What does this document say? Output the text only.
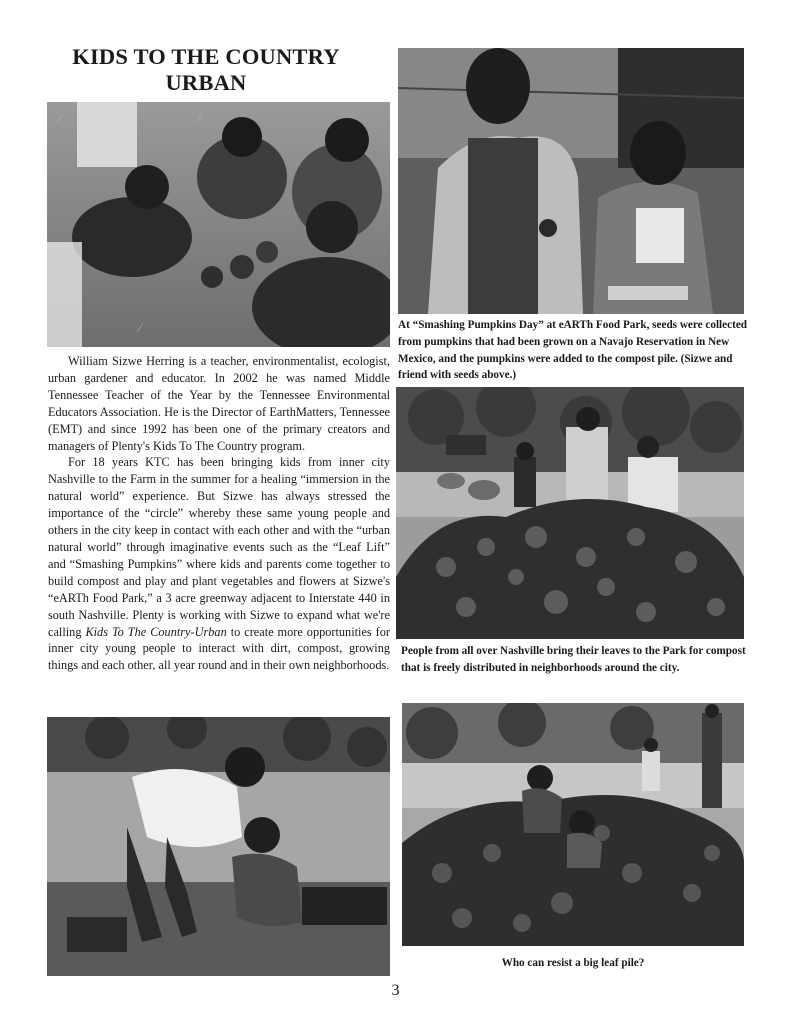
KIDS TO THE COUNTRY
URBAN
At “Smashing Pumpkins Day” at eARTh Food Park, seeds were collected from pumpkins that had been grown on a Navajo Reservation in New Mexico, and the pumpkins were added to the compost pile. (Sizwe and friend with seeds above.)
People from all over Nashville bring their leaves to the Park for compost that is freely distributed in neighborhoods around the city.

William Sizwe Herring is a teacher, environmentalist, ecologist, urban gardener and educator. In 2002 he was named Middle Tennessee Teacher of the Year by the Tennessee Environmental Educators Association. He is the Director of EarthMatters, Tennessee (EMT) and since 1992 has been one of the primary creators and managers of Plenty's Kids To The Country program.

For 18 years KTC has been bringing kids from inner city Nashville to the Farm in the summer for a healing “immersion in the natural world” experience. But Sizwe has always stressed the importance of the “circle” whereby these same young people and others in the city keep in contact with each other and with the “urban natural world” through imaginative events such as the “Leaf Lift” and “Smashing Pumpkins” where kids and parents come together to build compost and play and plant vegetables and flowers at Sizwe's “eARTh Food Park,” a 3 acre greenway adjacent to Interstate 440 in south Nashville. Plenty is working with Sizwe to expand what we're calling Kids To The Country-Urban to create more opportunities for inner city young people to interact with dirt, compost, growing things and each other, all year round and in their own neighborhoods.

Who can resist a big leaf pile?
3
